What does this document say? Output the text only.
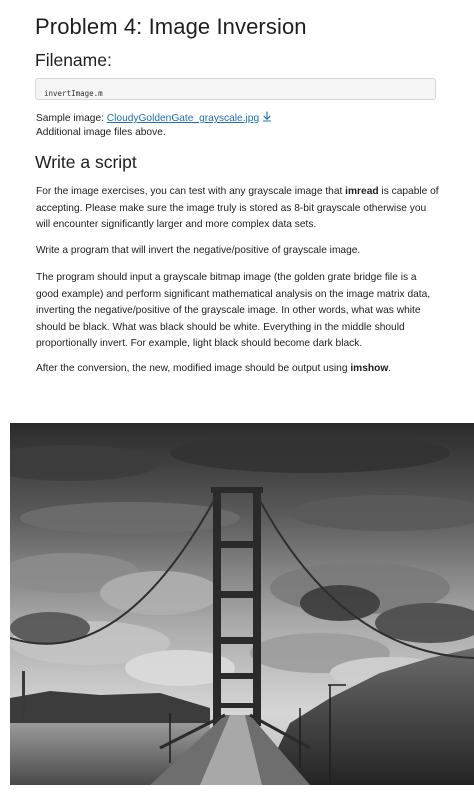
Problem 4: Image Inversion
Filename:
invertImage.m
Sample image: CloudyGoldenGate_grayscale.jpg
Additional image files above.
Write a script
For the image exercises, you can test with any grayscale image that imread is capable of accepting. Please make sure the image truly is stored as 8-bit grayscale otherwise you will encounter significantly larger and more complex data sets.
Write a program that will invert the negative/positive of grayscale image.
The program should input a grayscale bitmap image (the golden grate bridge file is a good example) and perform significant mathematical analysis on the image matrix data, inverting the negative/positive of the grayscale image. In other words, what was white should be black. What was black should be white. Everything in the middle should proportionally invert. For example, light black should become dark black.
After the conversion, the new, modified image should be output using imshow.
